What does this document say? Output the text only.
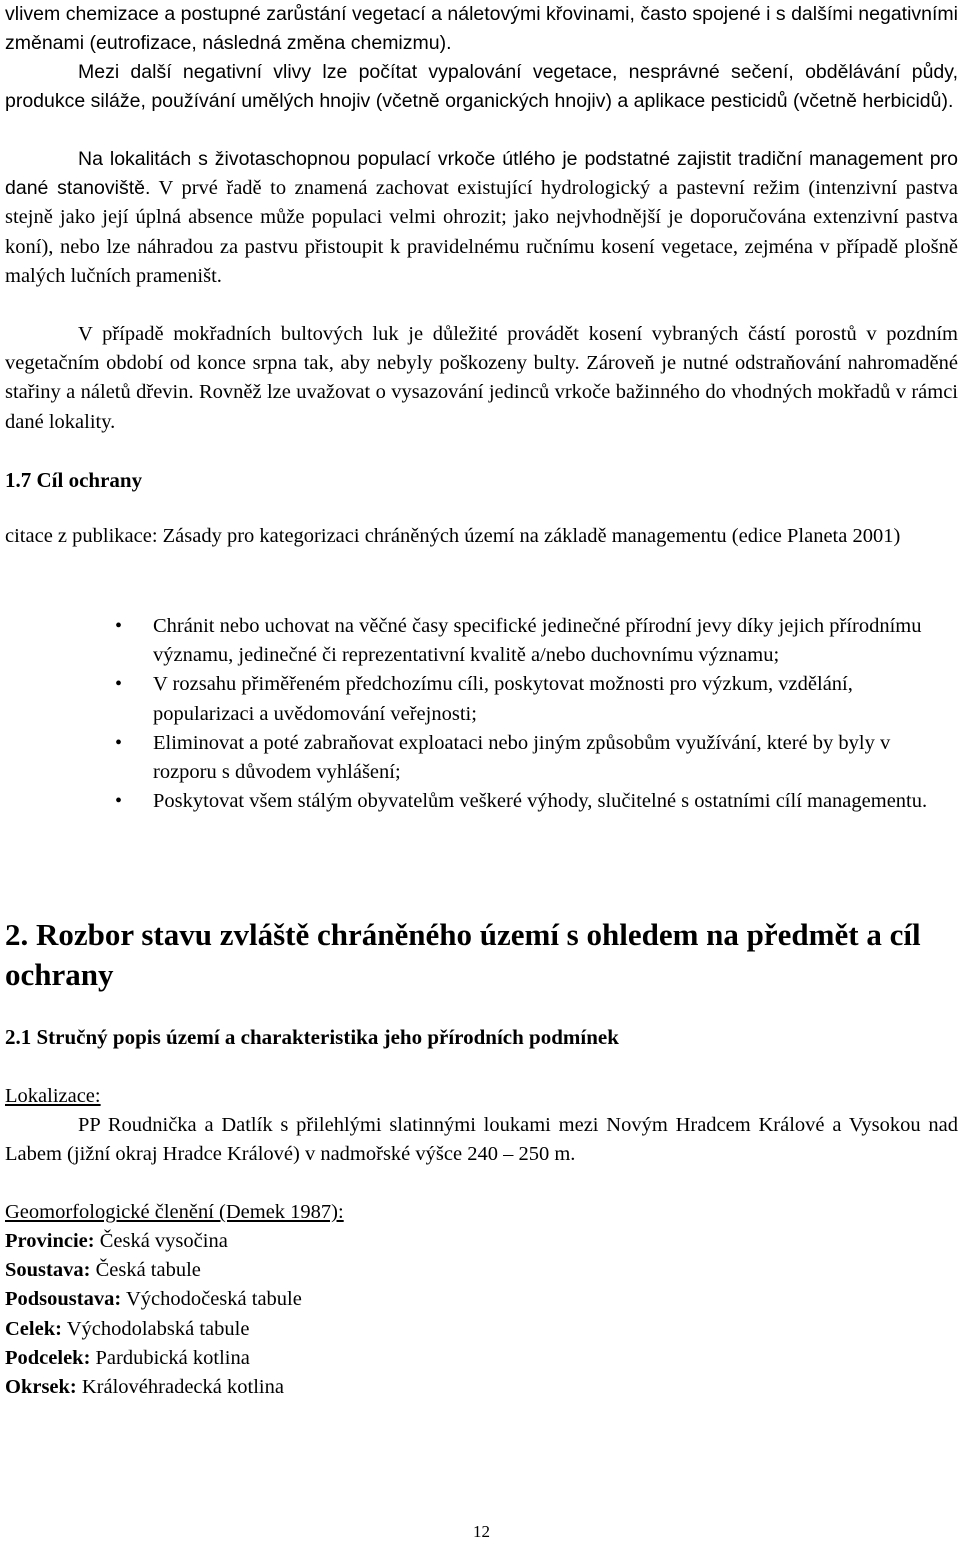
vlivem chemizace a postupné zarůstání vegetací a náletovými křovinami, často spojené i s dalšími negativními změnami (eutrofizace, následná změna chemizmu).

Mezi další negativní vlivy lze počítat vypalování vegetace, nesprávné sečení, obdělávání půdy, produkce siláže, používání umělých hnojiv (včetně organických hnojiv) a aplikace pesticidů (včetně herbicidů).

Na lokalitách s životaschopnou populací vrkoče útlého je podstatné zajistit tradiční management pro dané stanoviště. V prvé řadě to znamená zachovat existující hydrologický a pastevní režim (intenzivní pastva stejně jako její úplná absence může populaci velmi ohrozit; jako nejvhodnější je doporučována extenzivní pastva koní), nebo lze náhradou za pastvu přistoupit k pravidelnému ručnímu kosení vegetace, zejména v případě plošně malých lučních prameništ.

V případě mokřadních bultových luk je důležité provádět kosení vybraných částí porostů v pozdním vegetačním období od konce srpna tak, aby nebyly poškozeny bulty. Zároveň je nutné odstraňování nahromaděné stařiny a náletů dřevin. Rovněž lze uvažovat o vysazování jedinců vrkoče bažinného do vhodných mokřadů v rámci dané lokality.

1.7 Cíl ochrany
citace z publikace: Zásady pro kategorizaci chráněných území na základě managementu (edice Planeta 2001)
• Chránit nebo uchovat na věčné časy specifické jedinečné přírodní jevy díky jejich přírodnímu významu, jedinečné či reprezentativní kvalitě a/nebo duchovnímu významu;
• V rozsahu přiměřeném předchozímu cíli, poskytovat možnosti pro výzkum, vzdělání, popularizaci a uvědomování veřejnosti;
• Eliminovat a poté zabraňovat exploataci nebo jiným způsobům využívání, které by byly v rozporu s důvodem vyhlášení;
• Poskytovat všem stálým obyvatelům veškeré výhody, slučitelné s ostatními cílí managementu.
2. Rozbor stavu zvláště chráněného území s ohledem na předmět a cíl ochrany
2.1 Stručný popis území a charakteristika jeho přírodních podmínek
Lokalizace:

PP Roudnička a Datlík s přilehlými slatinnými loukami mezi Novým Hradcem Králové a Vysokou nad Labem (jižní okraj Hradce Králové) v nadmořské výšce 240 – 250 m.

Geomorfologické členění (Demek 1987):
Provincie: Česká vysočina
Soustava: Česká tabule
Podsoustava: Východočeská tabule
Celek: Východolabská tabule
Podcelek: Pardubická kotlina
Okrsek: Královéhradecká kotlina
12
